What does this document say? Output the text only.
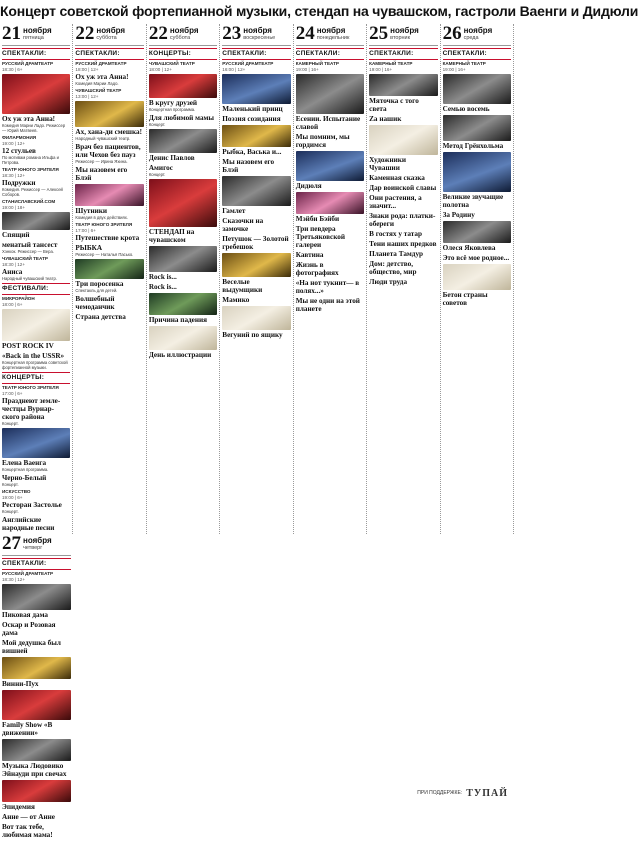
Концерт советской фортепианной музыки, стендап на чувашском, гастроли Ваенги и Дидюли
21 ноября
пятница
СПЕКТАКЛИ:
РУССКИЙ ДРАМТЕАТР
18:30 | 6+
Ох уж эта Анна!
Комедия Марии Ладо. Режиссер — Юрий Матвеев.
ФИЛАРМОНИЯ
19:00 | 12+
12 стульев
По мотивам романа Ильфа и Петрова.
ТЕАТР ЮНОГО ЗРИТЕЛЯ
18:30 | 12+
Подружки
Комедия. Режиссер — Алексей Соборов.
СТАНИСЛАВСКИЙ.COM
19:00 | 18+
Спящий
менатый тансест
Хэнкок. Режиссер — Вера.
ЧУВАШСКИЙ ТЕАТР
18:30 | 12+
Аниса
Народный чувашский театр.
ФЕСТИВАЛИ:
МИКРОРАЙОН
18:00 | 6+
POST ROCK IV
«Back in the USSR»
Концертная программа советской фортепианной музыки.
КОНЦЕРТЫ:
ТЕАТР ЮНОГО ЗРИТЕЛЯ
17:00 | 6+
Празднеют земле-честцы Вурнар-ского района
Концерт.
Елена Ваенга
Концертная программа.
Черно-Белый
Концерт.
ИСКУССТВО
19:00 | 6+
Ресторан Застолье
Концерт.
Английские народные песни
22 ноября
суббота
СПЕКТАКЛИ:
РУССКИЙ ДРАМТЕАТР
18:00 | 12+
Ох уж эта Анна!
Комедия Марии Ладо.
ЧУВАШСКИЙ ТЕАТР
13:00 | 12+
Ах, хана-ди смешка!
Народный чувашский театр.
Врач без пациентов, или Чехов без пауз
Режиссер — Ирина Яхина.
Мы назовем его Блэй
Шутники
Комедия в двух действиях.
ТЕАТР ЮНОГО ЗРИТЕЛЯ
17:00 | 6+
Путешествие крота
РЫБКА
Режиссер — Наталья Пасько.
Три поросенка
Спектакль для детей.
Волшебный чемоданчик
Страна детства
22 ноября
суббота
КОНЦЕРТЫ:
ЧУВАШСКИЙ ТЕАТР
18:00 | 12+
В кругу друзей
Концертная программа.
Для любимой мамы
Концерт.
Денис Павлов
Амигос
Концерт.
СТЕНДАП на чувашском
Rock is...
Rock is...
Причина падения
День иллюстрации
23 ноября
воскресенье
СПЕКТАКЛИ:
РУССКИЙ ДРАМТЕАТР
16:00 | 12+
Маленький принц
Поэзия созидания
Рыбка, Васька и...
Мы назовем его Блэй
Гамлет
Сказочки на замочке
Петушок — Золотой гребешок
Веселые выдумщики
Мамико
Вегуний по ящику
24 ноября
понедельник
СПЕКТАКЛИ:
КАМЕРНЫЙ ТЕАТР
19:00 | 16+
Есении. Испытание славой
Мы помним, мы гордимся
Дидюля
Мэйби Бэйби
Три певдера Третьяковской галереи
Кавтина
Жизнь в фотографиях
«На нот тукнит— в полях...»
Мы не одни на этой планете
25 ноября
вторник
СПЕКТАКЛИ:
КАМЕРНЫЙ ТЕАТР
19:00 | 16+
Мяточка с того света
Za нашик
Художники Чувашии
Каменная сказка
Дар воинской славы
Они растения, а значит...
Знаки рода: платки-обереги
В гостях у татар
Тени наших предков
Планета Тамдур
Дом: детство, общество, мир
Люди труда
26 ноября
среда
СПЕКТАКЛИ:
КАМЕРНЫЙ ТЕАТР
19:00 | 16+
Семью восемь
Метод Грёнхольма
Великие звучащие полотна
За Родину
Олеся Яковлева
Это всё мое родное...
Бетон страны советов
27 ноября
четверг
СПЕКТАКЛИ:
РУССКИЙ ДРАМТЕАТР
18:30 | 12+
Пиковая дама
Оскар и Розовая дама
Мой дедушка был вишней
Винни-Пух
Family Show «В движении»
Музыка Людовико Эйнауди при свечах
Эпидемия
Анне — от Анне
Вот так тебе, любимая мама!
ПРИ ПОДДЕРЖКЕ: ТУПАЙ
